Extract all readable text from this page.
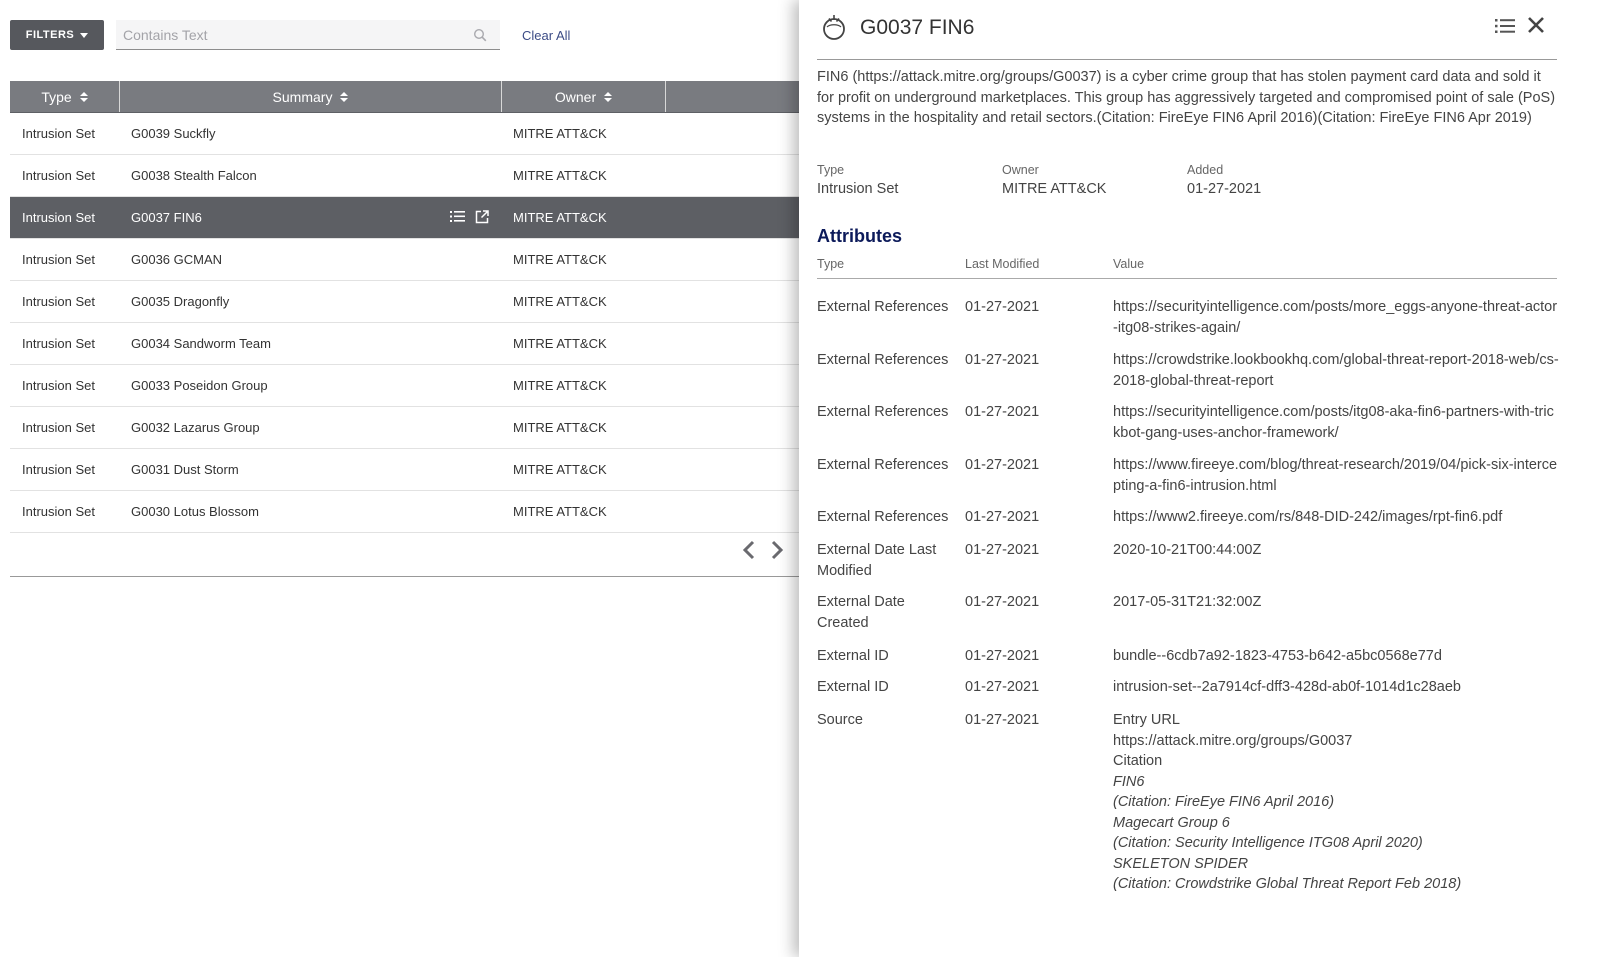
FILTERS
Contains Text	Clear All
Type	Summary	Owner
Intrusion Set	G0039 Suckfly	MITRE ATT&CK
Intrusion Set	G0038 Stealth Falcon	MITRE ATT&CK
Intrusion Set	G0037 FIN6	MITRE ATT&CK
Intrusion Set	G0036 GCMAN	MITRE ATT&CK
Intrusion Set	G0035 Dragonfly	MITRE ATT&CK
Intrusion Set	G0034 Sandworm Team	MITRE ATT&CK
Intrusion Set	G0033 Poseidon Group	MITRE ATT&CK
Intrusion Set	G0032 Lazarus Group	MITRE ATT&CK
Intrusion Set	G0031 Dust Storm	MITRE ATT&CK
Intrusion Set	G0030 Lotus Blossom	MITRE ATT&CK
G0037 FIN6
FIN6 (https://attack.mitre.org/groups/G0037) is a cyber crime group that has stolen payment card data and sold it for profit on underground marketplaces. This group has aggressively targeted and compromised point of sale (PoS) systems in the hospitality and retail sectors.(Citation: FireEye FIN6 April 2016)(Citation: FireEye FIN6 Apr 2019)
Type
Intrusion Set
Owner
MITRE ATT&CK
Added
01-27-2021
Attributes
Type	Last Modified	Value
External References	01-27-2021	https://securityintelligence.com/posts/more_eggs-anyone-threat-actor-itg08-strikes-again/
External References	01-27-2021	https://crowdstrike.lookbookhq.com/global-threat-report-2018-web/cs-2018-global-threat-report
External References	01-27-2021	https://securityintelligence.com/posts/itg08-aka-fin6-partners-with-trickbot-gang-uses-anchor-framework/
External References	01-27-2021	https://www.fireeye.com/blog/threat-research/2019/04/pick-six-intercepting-a-fin6-intrusion.html
External References	01-27-2021	https://www2.fireeye.com/rs/848-DID-242/images/rpt-fin6.pdf
External Date Last Modified
01-27-2021	2020-10-21T00:44:00Z
External Date Created
01-27-2021	2017-05-31T21:32:00Z
External ID	01-27-2021	bundle--6cdb7a92-1823-4753-b642-a5bc0568e77d
External ID	01-27-2021	intrusion-set--2a7914cf-dff3-428d-ab0f-1014d1c28aeb
Source	01-27-2021	Entry URL
https://attack.mitre.org/groups/G0037
Citation
FIN6
(Citation: FireEye FIN6 April 2016)
Magecart Group 6
(Citation: Security Intelligence ITG08 April 2020)
SKELETON SPIDER
(Citation: Crowdstrike Global Threat Report Feb 2018)
